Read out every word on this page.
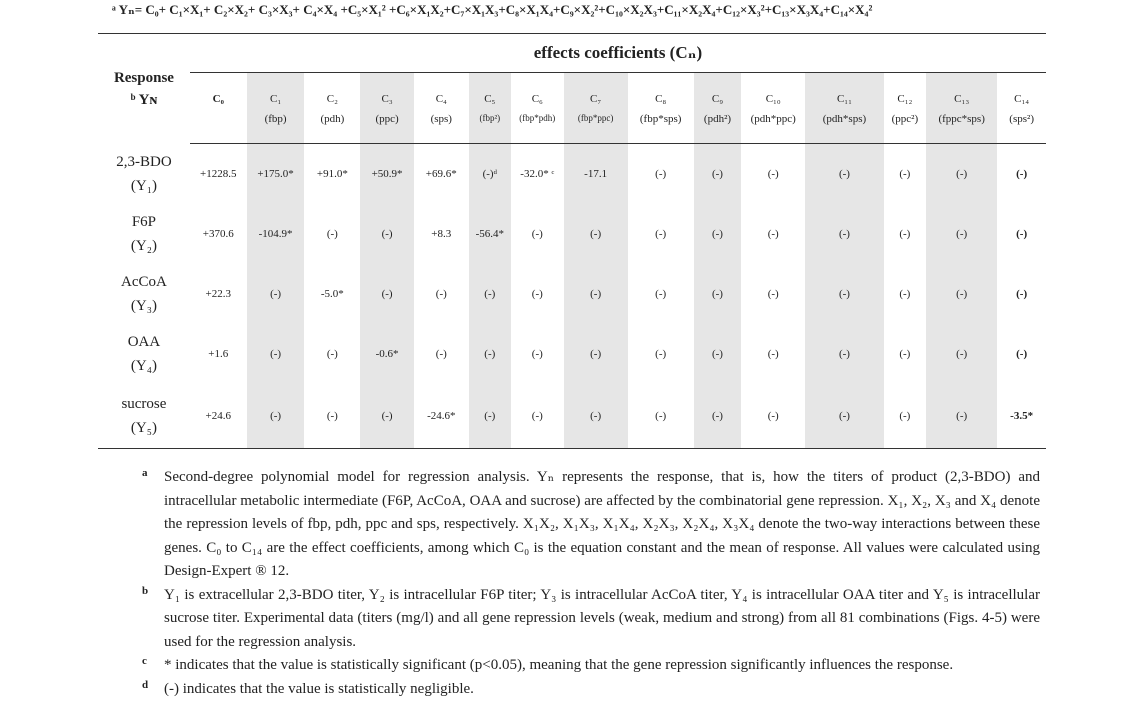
ᵃ Yₙ= C₀+ C₁×X₁+ C₂×X₂+ C₃×X₃+ C₄×X₄ +C₅×X₁² +C₆×X₁X₂+C₇×X₁X₃+C₈×X₁X₄+C₉×X₂²+C₁₀×X₂X₃+C₁₁×X₂X₄+C₁₂×X₃²+C₁₃×X₃X₄+C₁₄×X₄²
Response
ᵇ Yɴ	effects coefficients (Cₙ)														
	C₀	C₁	C₂	C₃	C₄	C₅	C₆	C₇	C₈	C₉	C₁₀	C₁₁	C₁₂	C₁₃	C₁₄
		(fbp)	(pdh)	(ppc)	(sps)	(fbp²)	(fbp*pdh)	(fbp*ppc)	(fbp*sps)	(pdh²)	(pdh*ppc)	(pdh*sps)	(ppc²)	(fppc*sps)	(sps²)

2,3-BDO
(Y₁)	+1228.5	+175.0*	+91.0*	+50.9*	+69.6*	(-)ᵈ	-32.0* ᶜ	-17.1	(-)	(-)	(-)	(-)	(-)	(-)	(-)

F6P
(Y₂)	+370.6	-104.9*	(-)	(-)	+8.3	-56.4*	(-)	(-)	(-)	(-)	(-)	(-)	(-)	(-)	(-)

AcCoA
(Y₃)	+22.3	(-)	-5.0*	(-)	(-)	(-)	(-)	(-)	(-)	(-)	(-)	(-)	(-)	(-)	(-)

OAA
(Y₄)	+1.6	(-)	(-)	-0.6*	(-)	(-)	(-)	(-)	(-)	(-)	(-)	(-)	(-)	(-)	(-)

sucrose
(Y₅)	+24.6	(-)	(-)	(-)	-24.6*	(-)	(-)	(-)	(-)	(-)	(-)	(-)	(-)	(-)	-3.5*
a Second-degree polynomial model for regression analysis. Yₙ represents the response, that is, how the titers of product (2,3-BDO) and intracellular metabolic intermediate (F6P, AcCoA, OAA and sucrose) are affected by the combinatorial gene repression. X₁, X₂, X₃ and X₄ denote the repression levels of fbp, pdh, ppc and sps, respectively. X₁X₂, X₁X₃, X₁X₄, X₂X₃, X₂X₄, X₃X₄ denote the two-way interactions between these genes. C₀ to C₁₄ are the effect coefficients, among which C₀ is the equation constant and the mean of response. All values were calculated using Design-Expert ® 12.
b Y₁ is extracellular 2,3-BDO titer, Y₂ is intracellular F6P titer; Y₃ is intracellular AcCoA titer, Y₄ is intracellular OAA titer and Y₅ is intracellular sucrose titer. Experimental data (titers (mg/l) and all gene repression levels (weak, medium and strong) from all 81 combinations (Figs. 4-5) were used for the regression analysis.
c * indicates that the value is statistically significant (p<0.05), meaning that the gene repression significantly influences the response.
d (-) indicates that the value is statistically negligible.
